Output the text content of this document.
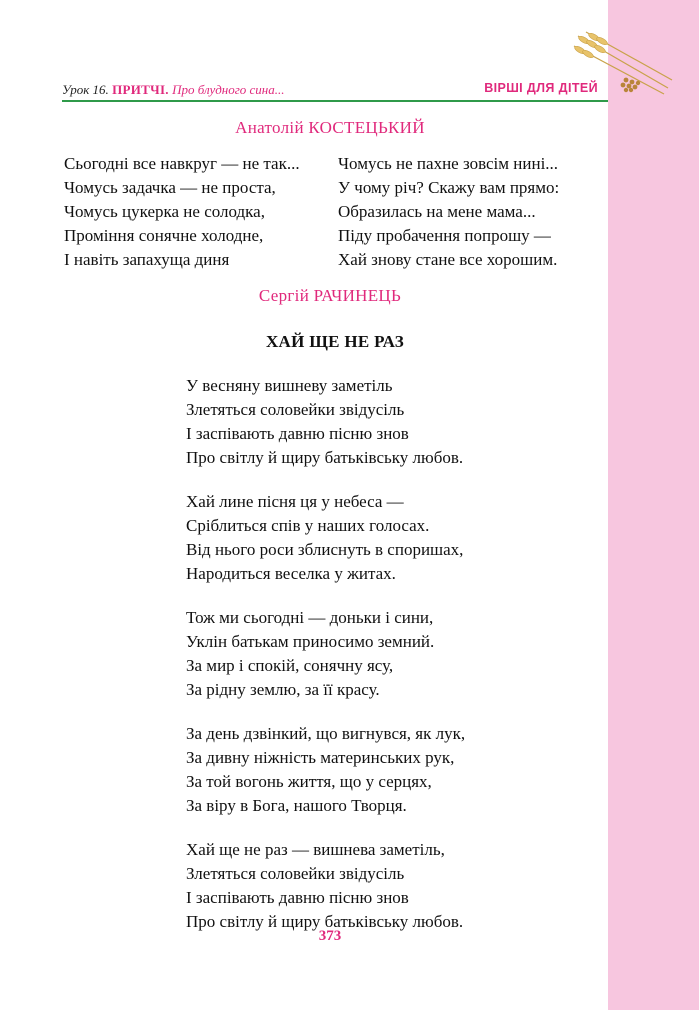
Урок 16. ПРИТЧІ. Про блудного сина...	ВІРШІ ДЛЯ ДІТЕЙ
Анатолій КОСТЕЦЬКИЙ
Сьогодні все навкруг — не так...
Чомусь задачка — не проста,
Чомусь цукерка не солодка,
Проміння сонячне холодне,
І навіть запахуща диня
Чомусь не пахне зовсім нині...
У чому річ? Скажу вам прямо:
Образилась на мене мама...
Піду пробачення попрошу —
Хай знову стане все хорошим.
Сергій РАЧИНЕЦЬ
ХАЙ ЩЕ НЕ РАЗ
У весняну вишневу заметіль
Злетяться соловейки звідусіль
І заспівають давню пісню знов
Про світлу й щиру батьківську любов.
Хай лине пісня ця у небеса —
Сріблиться спів у наших голосах.
Від нього роси зблиснуть в споришах,
Народиться веселка у житах.
Тож ми сьогодні — доньки і сини,
Уклін батькам приносимо земний.
За мир і спокій, сонячну ясу,
За рідну землю, за її красу.
За день дзвінкий, що вигнувся, як лук,
За дивну ніжність материнських рук,
За той вогонь життя, що у серцях,
За віру в Бога, нашого Творця.
Хай ще не раз — вишнева заметіль,
Злетяться соловейки звідусіль
І заспівають давню пісню знов
Про світлу й щиру батьківську любов.
373
